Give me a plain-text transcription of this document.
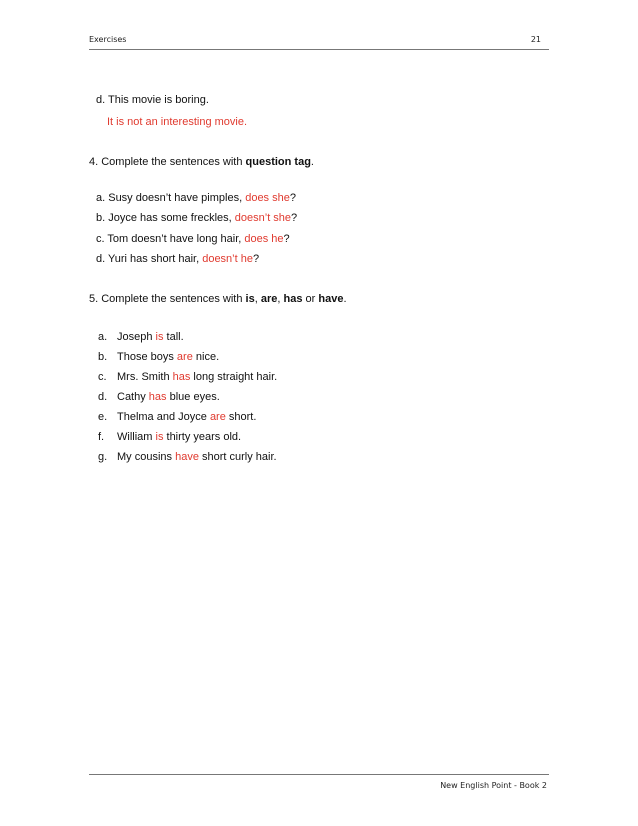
Exercises	21
d. This movie is boring.
It is not an interesting movie.
4. Complete the sentences with question tag.
a. Susy doesn’t have pimples, does she?
b. Joyce has some freckles, doesn’t she?
c. Tom doesn’t have long hair, does he?
d. Yuri has short hair, doesn’t he?
5. Complete the sentences with is, are, has or have.
a. Joseph is tall.
b. Those boys are nice.
c. Mrs. Smith has long straight hair.
d. Cathy has blue eyes.
e. Thelma and Joyce are short.
f. William is thirty years old.
g. My cousins have short curly hair.
New English Point - Book 2
